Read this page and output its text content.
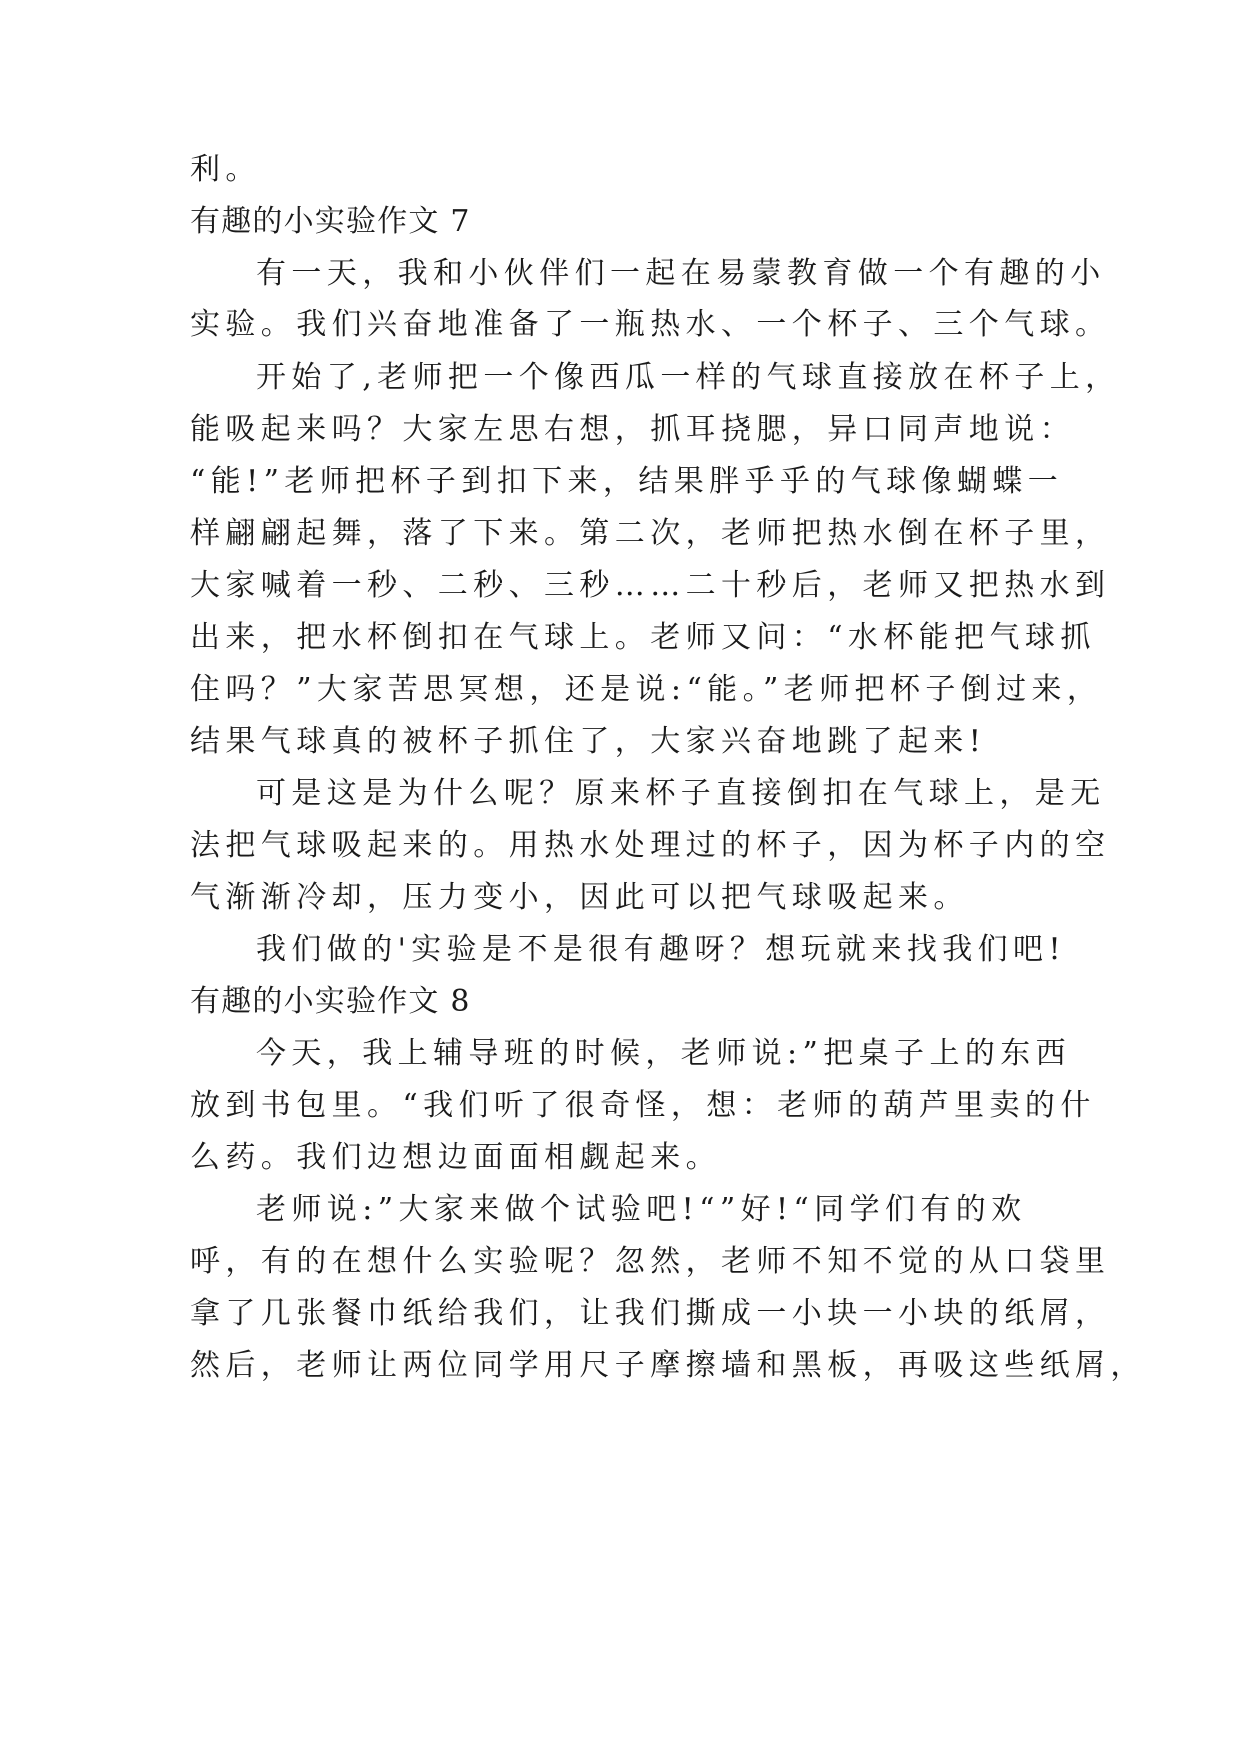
利。
有趣的小实验作文 7
有一天，我和小伙伴们一起在易蒙教育做一个有趣的小
实验。我们兴奋地准备了一瓶热水、一个杯子、三个气球。
开始了,老师把一个像西瓜一样的气球直接放在杯子上，
能吸起来吗？大家左思右想，抓耳挠腮，异口同声地说：
“能!”老师把杯子到扣下来，结果胖乎乎的气球像蝴蝶一
样翩翩起舞，落了下来。第二次，老师把热水倒在杯子里，
大家喊着一秒、二秒、三秒……二十秒后，老师又把热水到
出来，把水杯倒扣在气球上。老师又问：“水杯能把气球抓
住吗？”大家苦思冥想，还是说:“能。”老师把杯子倒过来，
结果气球真的被杯子抓住了，大家兴奋地跳了起来!
可是这是为什么呢？原来杯子直接倒扣在气球上，是无
法把气球吸起来的。用热水处理过的杯子，因为杯子内的空
气渐渐冷却，压力变小，因此可以把气球吸起来。
我们做的'实验是不是很有趣呀？想玩就来找我们吧!
有趣的小实验作文 8
今天，我上辅导班的时候，老师说:”把桌子上的东西
放到书包里。“我们听了很奇怪，想：老师的葫芦里卖的什
么药。我们边想边面面相觑起来。
老师说:”大家来做个试验吧!“”好!“同学们有的欢
呼，有的在想什么实验呢？忽然，老师不知不觉的从口袋里
拿了几张餐巾纸给我们，让我们撕成一小块一小块的纸屑，
然后，老师让两位同学用尺子摩擦墙和黑板，再吸这些纸屑，
